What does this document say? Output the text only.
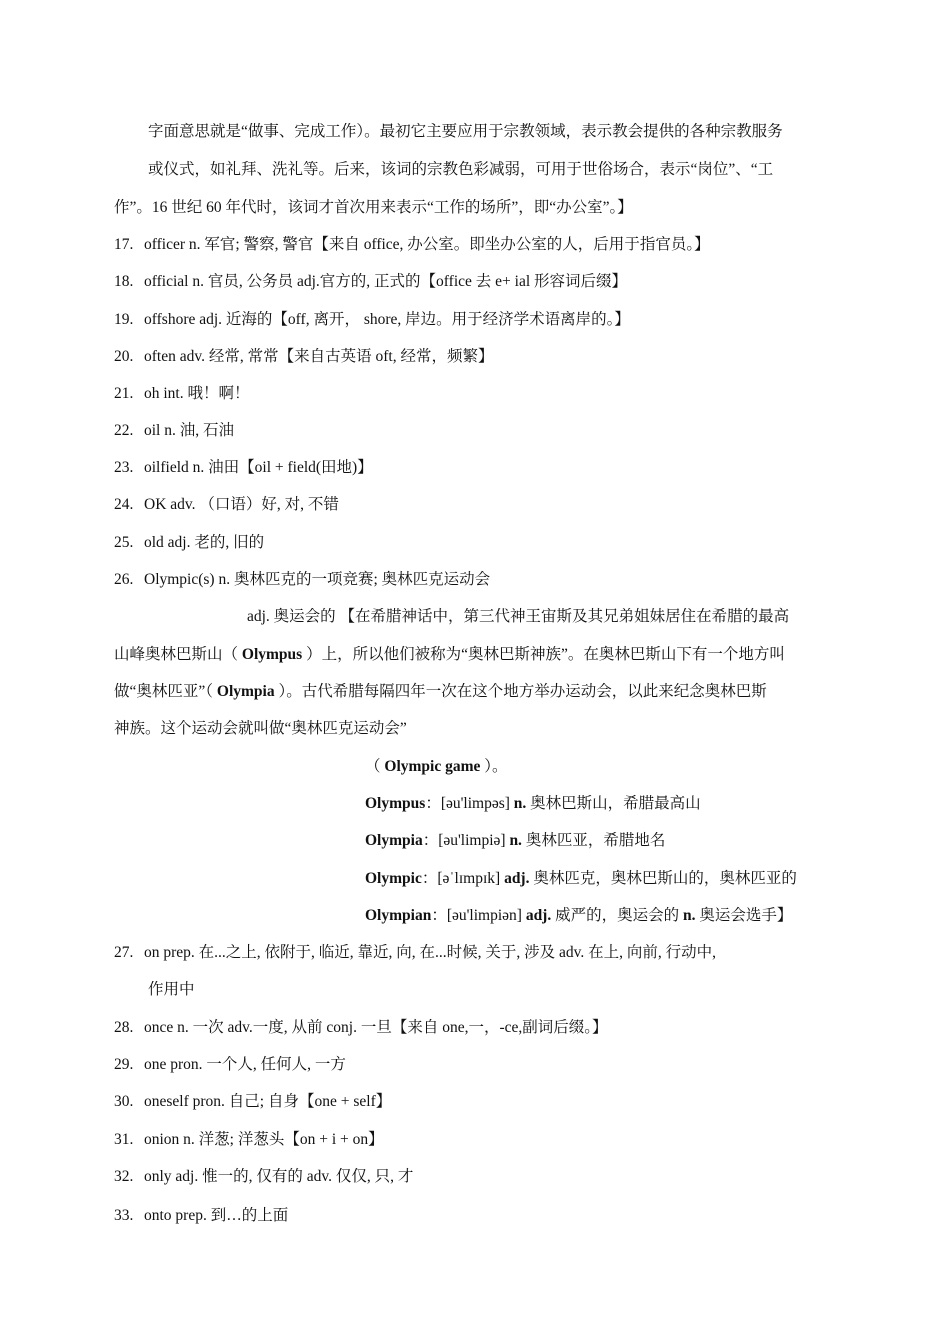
字面意思就是“做事、完成工作）。最初它主要应用于宗教领域，表示教会提供的各种宗教服务
或仪式，如礼拜、洗礼等。后来，该词的宗教色彩减弱，可用于世俗场合，表示“岗位”、“工
作”。16 世纪 60 年代时，该词才首次用来表示“工作的场所”，即“办公室”。】
17. officer n. 军官; 警察, 警官【来自 office, 办公室。即坐办公室的人，后用于指官员。】
18. official n. 官员, 公务员 adj.官方的, 正式的【office 去 e+ ial 形容词后缀】
19. offshore adj. 近海的【off, 离开， shore, 岸边。用于经济学术语离岸的。】
20. often adv. 经常, 常常【来自古英语 oft, 经常，频繁】
21. oh int. 哦！啊！
22. oil n. 油, 石油
23. oilfield n. 油田【oil + field(田地)】
24. OK adv. （口语）好, 对, 不错
25. old adj. 老的, 旧的
26. Olympic(s) n. 奥林匹克的一项竞赛; 奥林匹克运动会
adj. 奥运会的 【在希腊神话中，第三代神王宙斯及其兄弟姐妹居住在希腊的最高
山峰奥林巴斯山（ Olympus ）上，所以他们被称为“奥林巴斯神族”。在奥林巴斯山下有一个地方叫
做“奥林匹亚”（ Olympia ）。古代希腊每隔四年一次在这个地方举办运动会，以此来纪念奥林巴斯
神族。这个运动会就叫做“奥林匹克运动会”
（ Olympic game ）。
Olympus：[əu'limpəs] n. 奥林巴斯山，希腊最高山
Olympia：[əu'limpiə] n. 奥林匹亚，希腊地名
Olympic：[əˈlɪmpɪk] adj. 奥林匹克，奥林巴斯山的，奥林匹亚的
Olympian：[əu'limpiən] adj. 威严的，奥运会的 n. 奥运会选手】
27. on prep. 在...之上, 依附于, 临近, 靠近, 向, 在...时候, 关于, 涉及 adv. 在上, 向前, 行动中,
作用中
28. once n. 一次 adv.一度, 从前 conj. 一旦【来自 one,一，-ce,副词后缀。】
29. one pron. 一个人, 任何人, 一方
30. oneself pron. 自己; 自身【one + self】
31. onion n. 洋葱; 洋葱头【on + i + on】
32. only adj. 惟一的, 仅有的 adv. 仅仅, 只, 才
33. onto prep. 到…的上面
